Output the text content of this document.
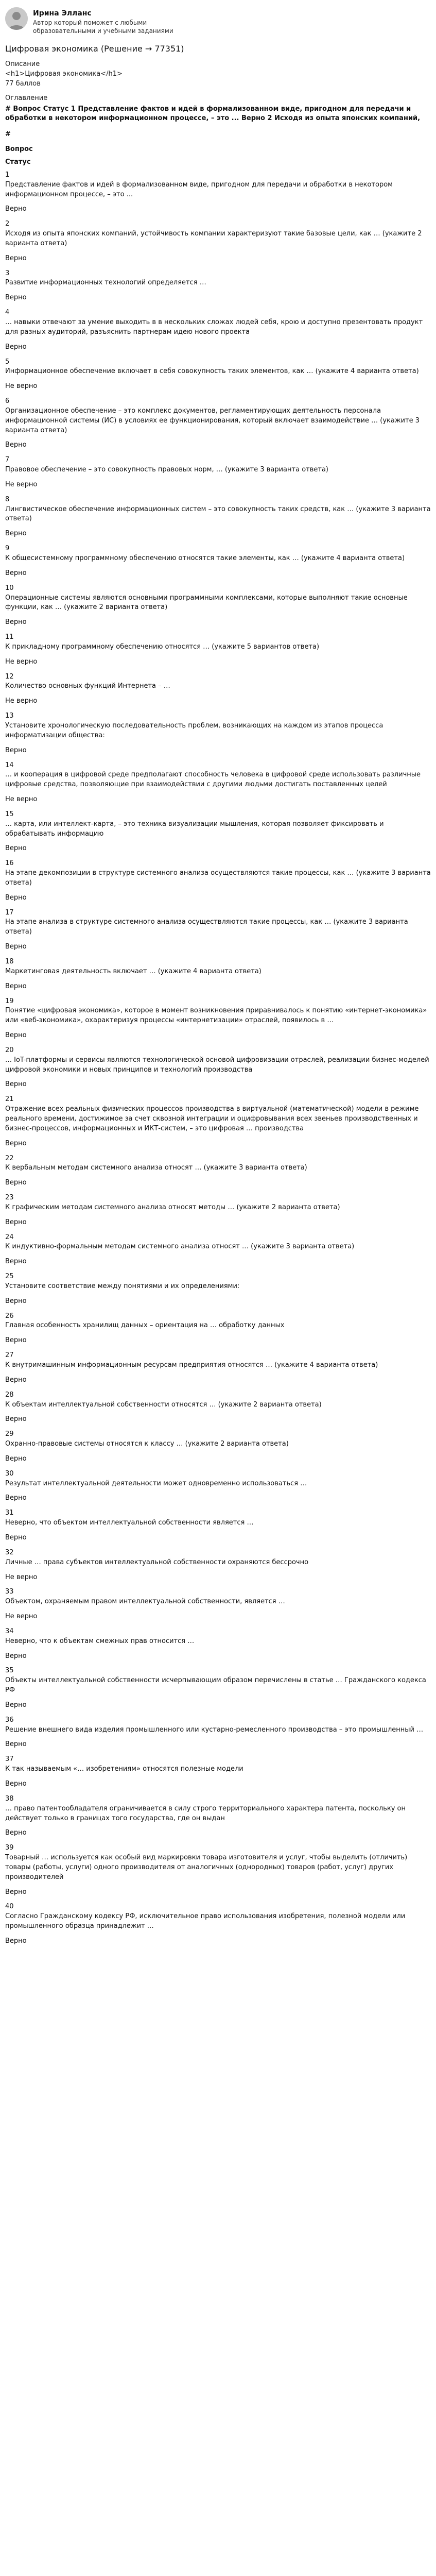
Ирина Элланс
Автор который поможет с любыми образовательными и учебными заданиями
Цифровая экономика (Решение → 77351)
Описание
<h1>Цифровая экономика</h1>
77 баллов
Оглавление
# Вопрос Статус 1 Представление фактов и идей в формализованном виде, пригодном для передачи и обработки в некотором информационном процессе, – это ... Верно 2 Исходя из опыта японских компаний,
#
Вопрос
Статус
1
Представление фактов и идей в формализованном виде, пригодном для передачи и обработки в некотором информационном процессе, – это ...
Верно
2
Исходя из опыта японских компаний, устойчивость компании характеризуют такие базовые цели, как … (укажите 2 варианта ответа)
Верно
3
Развитие информационных технологий определяется …
Верно
4
… навыки отвечают за умение выходить в в нескольких сложах людей себя, крою и доступно презентовать продукт для разных аудиторий, разъяснить партнерам идею нового проекта
Верно
5
Информационное обеспечение включает в себя совокупность таких элементов, как … (укажите 4 варианта ответа)
Не верно
6
Организационное обеспечение – это комплекс документов, регламентирующих деятельность персонала информационной системы (ИС) в условиях ее функционирования, который включает взаимодействие … (укажите 3 варианта ответа)
Верно
7
Правовое обеспечение – это совокупность правовых норм, … (укажите 3 варианта ответа)
Не верно
8
Лингвистическое обеспечение информационных систем – это совокупность таких средств, как … (укажите 3 варианта ответа)
Верно
9
К общесистемному программному обеспечению относятся такие элементы, как … (укажите 4 варианта ответа)
Верно
10
Операционные системы являются основными программными комплексами, которые выполняют такие основные функции, как … (укажите 2 варианта ответа)
Верно
11
К прикладному программному обеспечению относятся … (укажите 5 вариантов ответа)
Не верно
12
Количество основных функций Интернета – …
Не верно
13
Установите хронологическую последовательность проблем, возникающих на каждом из этапов процесса информатизации общества:
Верно
14
… и кооперация в цифровой среде предполагают способность человека в цифровой среде использовать различные цифровые средства, позволяющие при взаимодействии с другими людьми достигать поставленных целей
Не верно
15
… карта, или интеллект-карта, – это техника визуализации мышления, которая позволяет фиксировать и обрабатывать информацию
Верно
16
На этапе декомпозиции в структуре системного анализа осуществляются такие процессы, как … (укажите 3 варианта ответа)
Верно
17
На этапе анализа в структуре системного анализа осуществляются такие процессы, как … (укажите 3 варианта ответа)
Верно
18
Маркетинговая деятельность включает … (укажите 4 варианта ответа)
Верно
19
Понятие «цифровая экономика», которое в момент возникновения приравнивалось к понятию «интернет-экономика» или «веб-экономика», охарактеризуя процессы «интернетизации» отраслей, появилось в …
Верно
20
… IoT-платформы и сервисы являются технологической основой цифровизации отраслей, реализации бизнес-моделей цифровой экономики и новых принципов и технологий производства
Верно
21
Отражение всех реальных физических процессов производства в виртуальной (математической) модели в режиме реального времени, достижимое за счет сквозной интеграции и оцифровывания всех звеньев производственных и бизнес-процессов, информационных и ИКТ-систем, – это цифровая … производства
Верно
22
К вербальным методам системного анализа относят … (укажите 3 варианта ответа)
Верно
23
К графическим методам системного анализа относят методы … (укажите 2 варианта ответа)
Верно
24
К индуктивно-формальным методам системного анализа относят … (укажите 3 варианта ответа)
Верно
25
Установите соответствие между понятиями и их определениями:
Верно
26
Главная особенность хранилищ данных – ориентация на … обработку данных
Верно
27
К внутримашинным информационным ресурсам предприятия относятся … (укажите 4 варианта ответа)
Верно
28
К объектам интеллектуальной собственности относятся … (укажите 2 варианта ответа)
Верно
29
Охранно-правовые системы относятся к классу … (укажите 2 варианта ответа)
Верно
30
Результат интеллектуальной деятельности может одновременно использоваться …
Верно
31
Неверно, что объектом интеллектуальной собственности является …
Верно
32
Личные … права субъектов интеллектуальной собственности охраняются бессрочно
Не верно
33
Объектом, охраняемым правом интеллектуальной собственности, является …
Не верно
34
Неверно, что к объектам смежных прав относится …
Верно
35
Объекты интеллектуальной собственности исчерпывающим образом перечислены в статье … Гражданского кодекса РФ
Верно
36
Решение внешнего вида изделия промышленного или кустарно-ремесленного производства – это промышленный …
Верно
37
К так называемым «… изобретениям» относятся полезные модели
Верно
38
… право патентообладателя ограничивается в силу строго территориального характера патента, поскольку он действует только в границах того государства, где он выдан
Верно
39
Товарный … используется как особый вид маркировки товара изготовителя и услуг, чтобы выделить (отличить) товары (работы, услуги) одного производителя от аналогичных (однородных) товаров (работ, услуг) других производителей
Верно
40
Согласно Гражданскому кодексу РФ, исключительное право использования изобретения, полезной модели или промышленного образца принадлежит …
Верно
